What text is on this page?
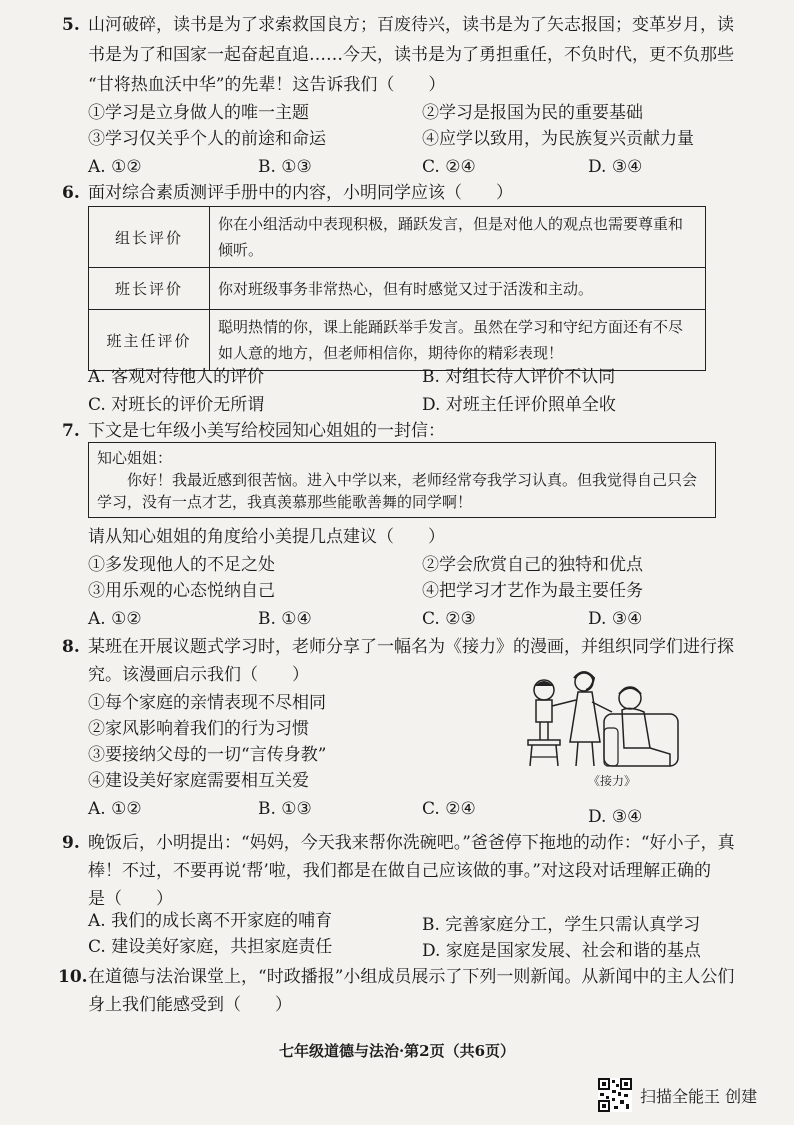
5. 山河破碎，读书是为了求索救国良方；百废待兴，读书是为了矢志报国；变革岁月，读
书是为了和国家一起奋起直追……今天，读书是为了勇担重任，不负时代，更不负那些
“甘将热血沃中华”的先辈！这告诉我们（　　）
①学习是立身做人的唯一主题	②学习是报国为民的重要基础
③学习仅关乎个人的前途和命运	④应学以致用，为民族复兴贡献力量
A. ①②	B. ①③	C. ②④	D. ③④
6. 面对综合素质测评手册中的内容，小明同学应该（　　）
组长评价	你在小组活动中表现积极，踊跃发言，但是对他人的观点也需要尊重和倾听。
班长评价	你对班级事务非常热心，但有时感觉又过于活泼和主动。
班主任评价	聪明热情的你，课上能踊跃举手发言。虽然在学习和守纪方面还有不尽如人意的地方，但老师相信你，期待你的精彩表现！
A. 客观对待他人的评价	B. 对组长待人评价不认同
C. 对班长的评价无所谓	D. 对班主任评价照单全收
7. 下文是七年级小美写给校园知心姐姐的一封信：
知心姐姐：
你好！我最近感到很苦恼。进入中学以来，老师经常夸我学习认真。但我觉得自己只会学习，没有一点才艺，我真羡慕那些能歌善舞的同学啊！
请从知心姐姐的角度给小美提几点建议（　　）
①多发现他人的不足之处	②学会欣赏自己的独特和优点
③用乐观的心态悦纳自己	④把学习才艺作为最主要任务
A. ①②	B. ①④	C. ②③	D. ③④
8. 某班在开展议题式学习时，老师分享了一幅名为《接力》的漫画，并组织同学们进行探
究。该漫画启示我们（　　）
①每个家庭的亲情表现不尽相同
②家风影响着我们的行为习惯
③要接纳父母的一切“言传身教”
④建设美好家庭需要相互关爱	《接力》
A. ①②	B. ①③	C. ②④	D. ③④
9. 晚饭后，小明提出：“妈妈，今天我来帮你洗碗吧。”爸爸停下拖地的动作：“好小子，真
棒！不过，不要再说‘帮’啦，我们都是在做自己应该做的事。”对这段对话理解正确的
是（　　）
A. 我们的成长离不开家庭的哺育	B. 完善家庭分工，学生只需认真学习
C. 建设美好家庭，共担家庭责任	D. 家庭是国家发展、社会和谐的基点
10. 在道德与法治课堂上，“时政播报”小组成员展示了下列一则新闻。从新闻中的主人公们
身上我们能感受到（　　）
七年级道德与法治·第2页（共6页）
扫描全能王 创建
